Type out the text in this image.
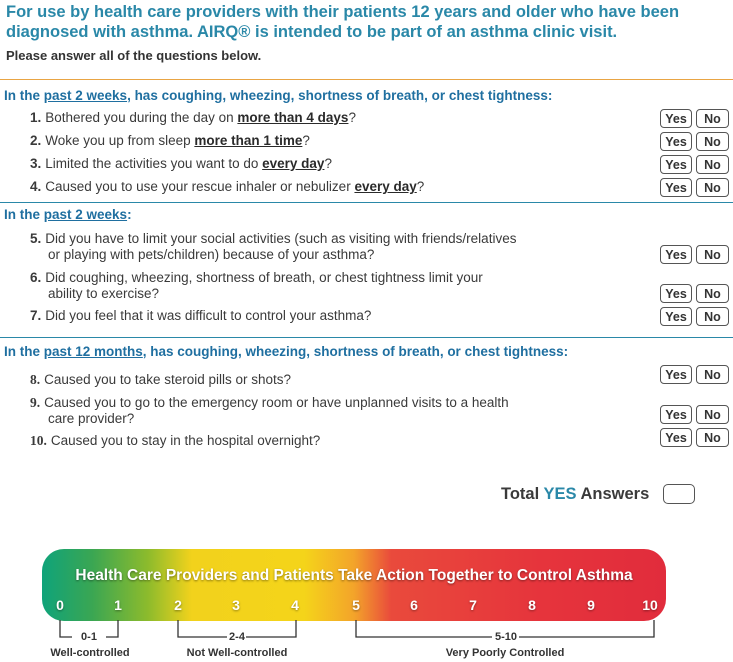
For use by health care providers with their patients 12 years and older who have been
diagnosed with asthma. AIRQ® is intended to be part of an asthma clinic visit.
Please answer all of the questions below.
In the past 2 weeks, has coughing, wheezing, shortness of breath, or chest tightness:
1. Bothered you during the day on more than 4 days?	Yes	No
2. Woke you up from sleep more than 1 time?	Yes	No
3. Limited the activities you want to do every day?	Yes	No
4. Caused you to use your rescue inhaler or nebulizer every day?	Yes	No
In the past 2 weeks:
5. Did you have to limit your social activities (such as visiting with friends/relatives
or playing with pets/children) because of your asthma?	Yes	No
6. Did coughing, wheezing, shortness of breath, or chest tightness limit your
ability to exercise?	Yes	No
7. Did you feel that it was difficult to control your asthma?	Yes	No
In the past 12 months, has coughing, wheezing, shortness of breath, or chest tightness:
8. Caused you to take steroid pills or shots?	Yes	No
9. Caused you to go to the emergency room or have unplanned visits to a health
care provider?	Yes	No
10. Caused you to stay in the hospital overnight?	Yes	No
Total YES Answers
Health Care Providers and Patients Take Action Together to Control Asthma
0	1	2	3	4	5	6	7	8	9	10
0-1
Well-controlled
2-4
Not Well-controlled
5-10
Very Poorly Controlled
